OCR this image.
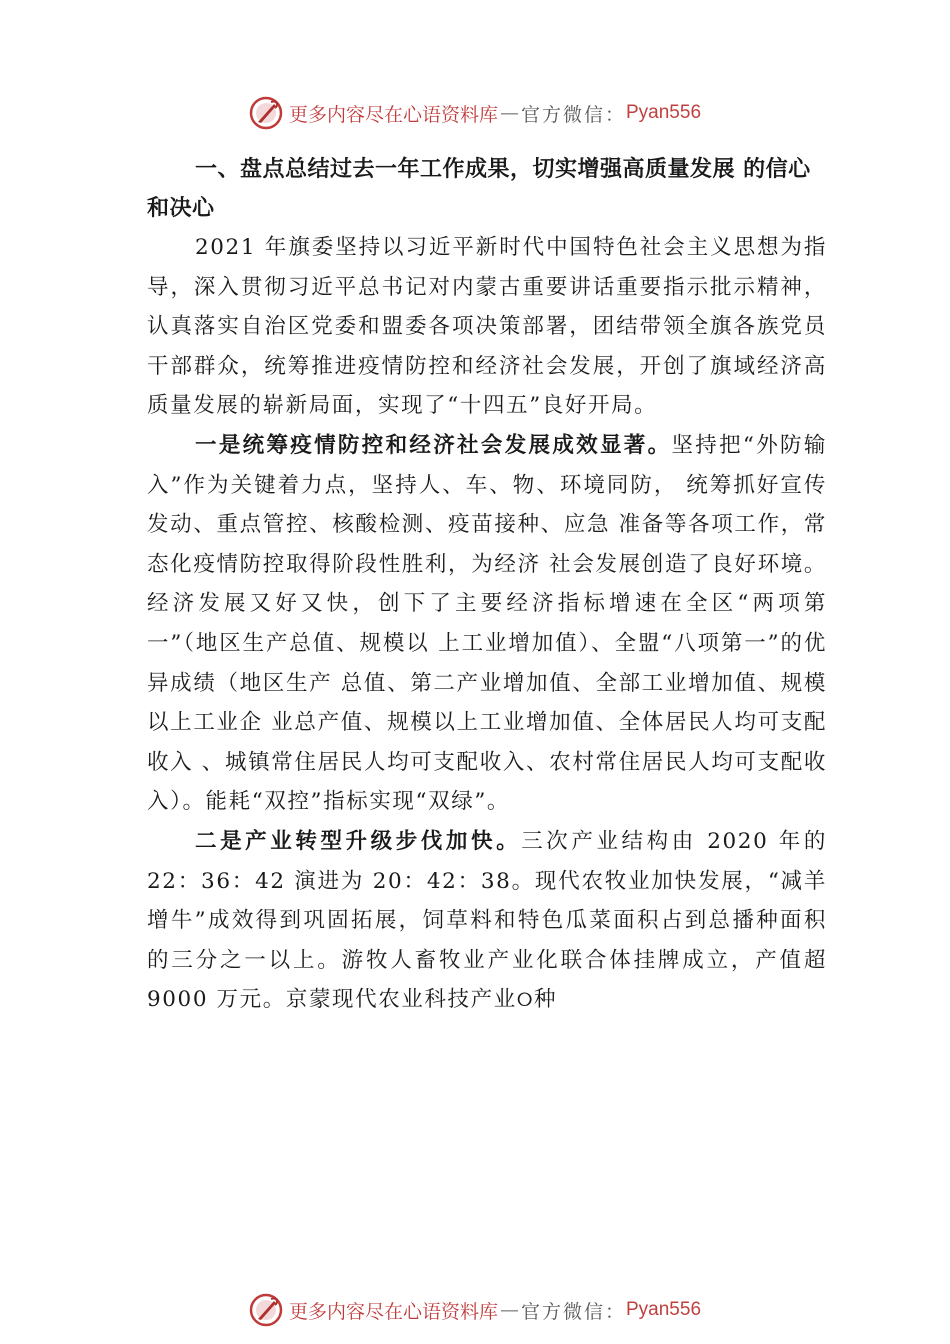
更多内容尽在心语资料库 — 官方微信： Pyan556

一、盘点总结过去一年工作成果，切实增强高质量发展 的信心和决心

2021 年旗委坚持以习近平新时代中国特色社会主义思想为指导，深入贯彻习近平总书记对内蒙古重要讲话重要指示批示精神，认真落实自治区党委和盟委各项决策部署，团结带领全旗各族党员干部群众，统筹推进疫情防控和经济社会发展，开创了旗域经济高质量发展的崭新局面，实现了“十四五”良好开局。

一是统筹疫情防控和经济社会发展成效显著。坚持把“外防输入”作为关键着力点，坚持人、车、物、环境同防， 统筹抓好宣传发动、重点管控、核酸检测、疫苗接种、应急 准备等各项工作，常态化疫情防控取得阶段性胜利，为经济 社会发展创造了良好环境。经济发展又好又快，创下了主要经济指标增速在全区“两项第一”（地区生产总值、规模以 上工业增加值）、全盟“八项第一”的优异成绩（地区生产 总值、第二产业增加值、全部工业增加值、规模以上工业企 业总产值、规模以上工业增加值、全体居民人均可支配收入 、城镇常住居民人均可支配收入、农村常住居民人均可支配收 入）。能耗“双控”指标实现“双绿”。

二是产业转型升级步伐加快。三次产业结构由 2020 年的 22：36：42 演进为 20：42：38。现代农牧业加快发展，“减羊增牛”成效得到巩固拓展，饲草料和特色瓜菜面积占到总播种面积的三分之一以上。游牧人畜牧业产业化联合体挂牌成立，产值超 9000 万元。京蒙现代农业科技产业୦种

更多内容尽在心语资料库 — 官方微信： Pyan556
